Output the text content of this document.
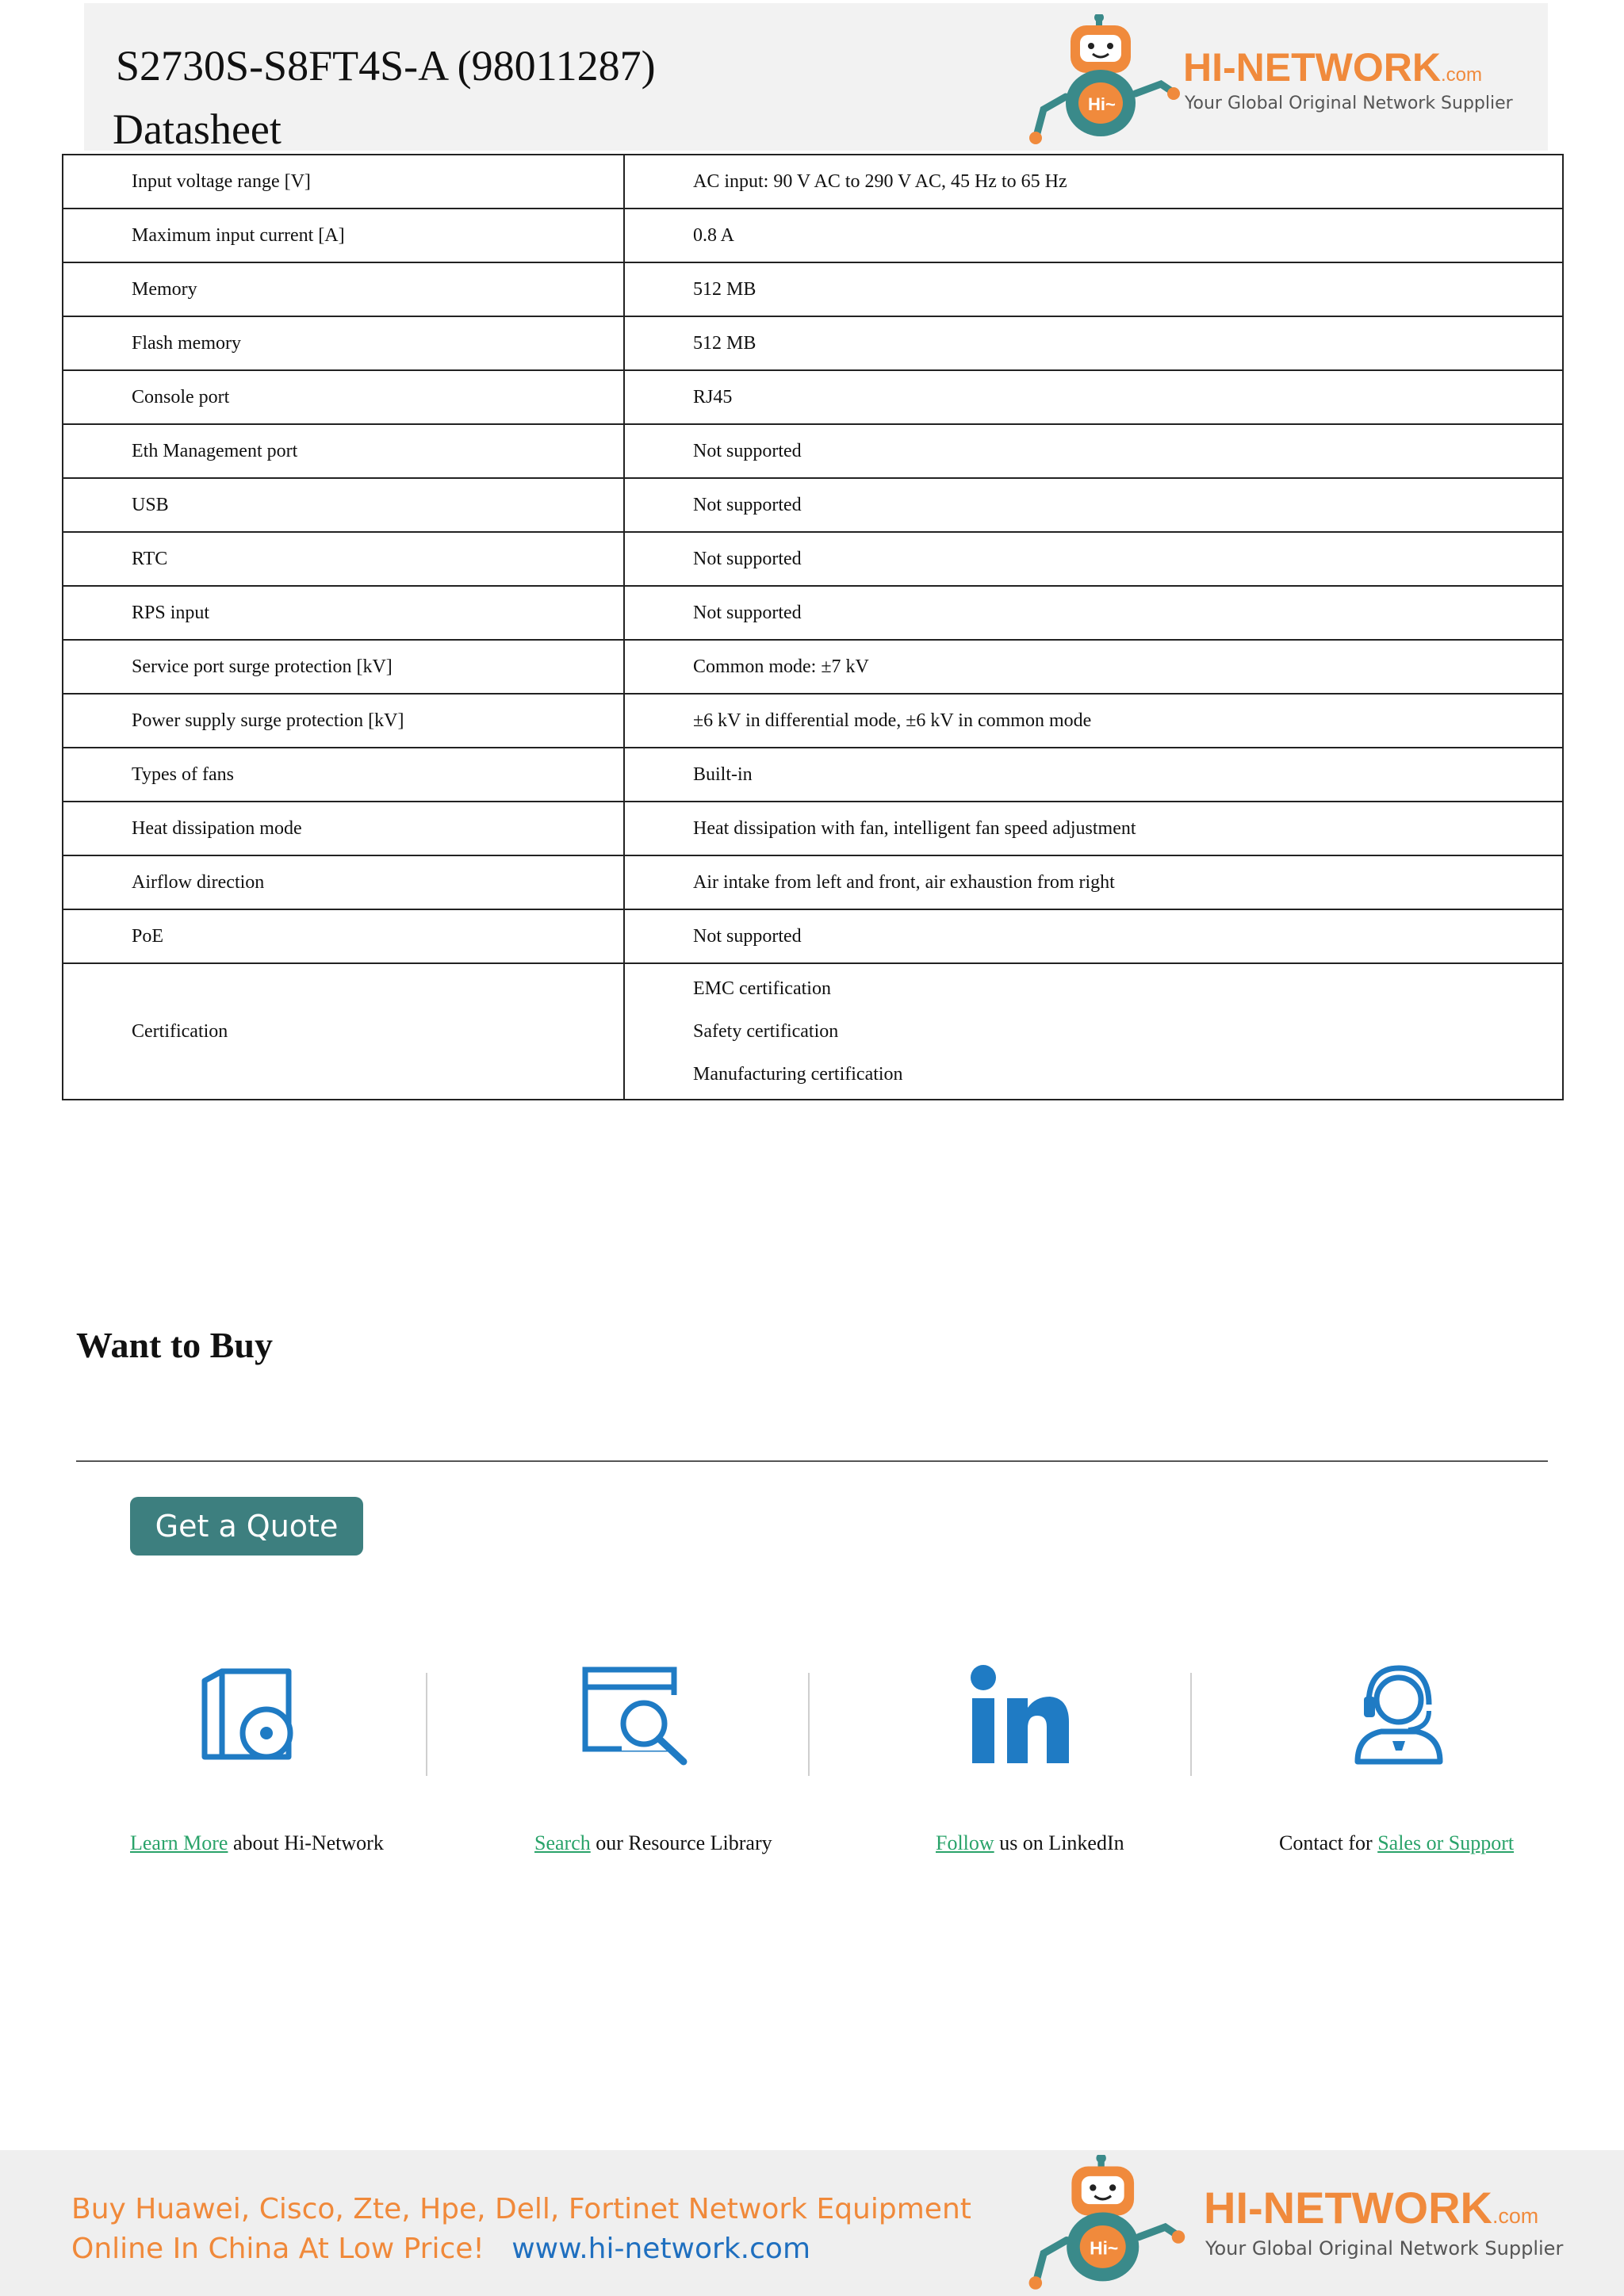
S2730S-S8FT4S-A (98011287)
Datasheet
Hi~
HI-NETWORK.com
Your Global Original Network Supplier
Input voltage range [V]	AC input: 90 V AC to 290 V AC, 45 Hz to 65 Hz
Maximum input current [A]	0.8 A
Memory	512 MB
Flash memory	512 MB
Console port	RJ45
Eth Management port	Not supported
USB	Not supported
RTC	Not supported
RPS input	Not supported
Service port surge protection [kV]	Common mode: ±7 kV
Power supply surge protection [kV]	±6 kV in differential mode, ±6 kV in common mode
Types of fans	Built-in
Heat dissipation mode	Heat dissipation with fan, intelligent fan speed adjustment
Airflow direction	Air intake from left and front, air exhaustion from right
PoE	Not supported
Certification	EMC certification
Safety certification
Manufacturing certification
Want to Buy
Get a Quote
Learn More about Hi-Network	Search our Resource Library	Follow us on LinkedIn	Contact for Sales or Support
Buy Huawei, Cisco, Zte, Hpe, Dell, Fortinet Network Equipment
Online In China At Low Price! www.hi-network.com	Hi~
HI-NETWORK.com
Your Global Original Network Supplier
